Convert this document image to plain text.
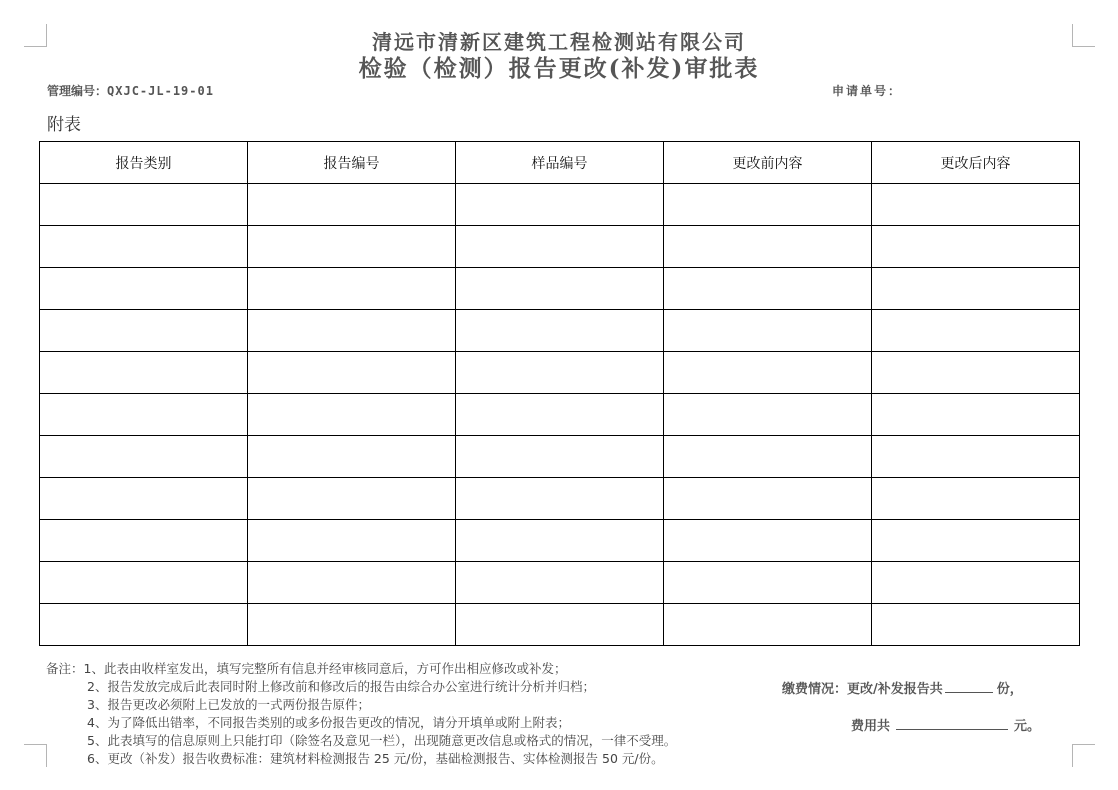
清远市清新区建筑工程检测站有限公司
检验（检测）报告更改(补发)审批表
管理编号：QXJC-JL-19-01	申请单号：
附表
报告类别	报告编号	样品编号	更改前内容	更改后内容

备注：1、此表由收样室发出，填写完整所有信息并经审核同意后，方可作出相应修改或补发；
2、报告发放完成后此表同时附上修改前和修改后的报告由综合办公室进行统计分析并归档；
3、报告更改必须附上已发放的一式两份报告原件；
4、为了降低出错率，不同报告类别的或多份报告更改的情况，请分开填单或附上附表；
5、此表填写的信息原则上只能打印（除签名及意见一栏），出现随意更改信息或格式的情况，一律不受理。
6、更改（补发）报告收费标准：建筑材料检测报告 25 元/份，基础检测报告、实体检测报告 50 元/份。
缴费情况：更改/补发报告共	份，
费用共	元。
